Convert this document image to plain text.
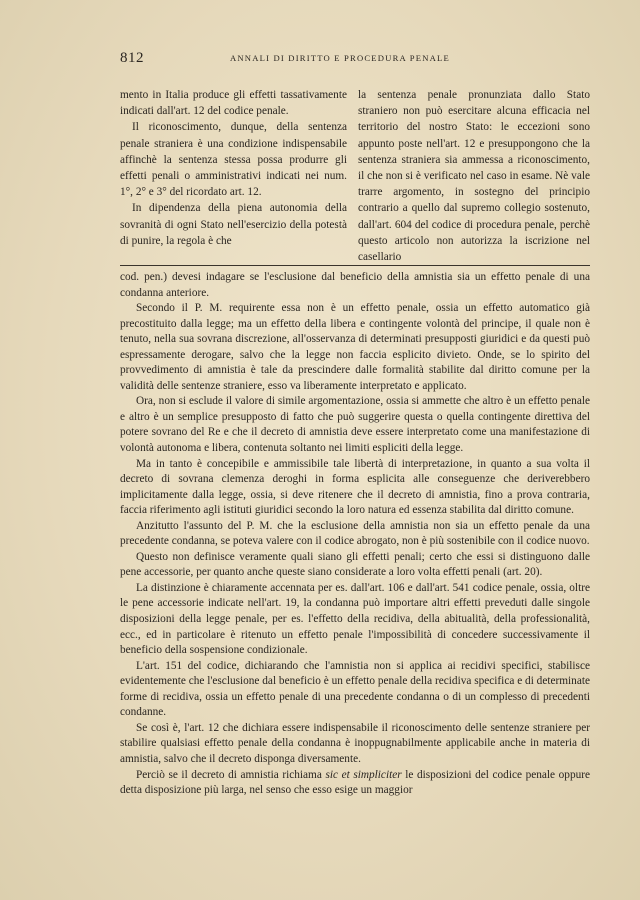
812	ANNALI DI DIRITTO E PROCEDURA PENALE

mento in Italia produce gli effetti tassativamente indicati dall'art. 12 del codice penale.

Il riconoscimento, dunque, della sentenza penale straniera è una condizione indispensabile affinchè la sentenza stessa possa produrre gli effetti penali o amministrativi indicati nei num. 1°, 2° e 3° del ricordato art. 12.

In dipendenza della piena autonomia della sovranità di ogni Stato nell'esercizio della potestà di punire, la regola è che

la sentenza penale pronunziata dallo Stato straniero non può esercitare alcuna efficacia nel territorio del nostro Stato: le eccezioni sono appunto poste nell'art. 12 e presuppongono che la sentenza straniera sia ammessa a riconoscimento, il che non si è verificato nel caso in esame. Nè vale trarre argomento, in sostegno del principio contrario a quello dal supremo collegio sostenuto, dall'art. 604 del codice di procedura penale, perchè questo articolo non autorizza la iscrizione nel casellario

cod. pen.) devesi indagare se l'esclusione dal beneficio della amnistia sia un effetto penale di una condanna anteriore.

Secondo il P. M. requirente essa non è un effetto penale, ossia un effetto automatico già precostituito dalla legge; ma un effetto della libera e contingente volontà del principe, il quale non è tenuto, nella sua sovrana discrezione, all'osservanza di determinati presupposti giuridici e da questi può espressamente derogare, salvo che la legge non faccia esplicito divieto. Onde, se lo spirito del provvedimento di amnistia è tale da prescindere dalle formalità stabilite dal diritto comune per la validità delle sentenze straniere, esso va liberamente interpretato e applicato.

Ora, non si esclude il valore di simile argomentazione, ossia si ammette che altro è un effetto penale e altro è un semplice presupposto di fatto che può suggerire questa o quella contingente direttiva del potere sovrano del Re e che il decreto di amnistia deve essere interpretato come una manifestazione di volontà autonoma e libera, contenuta soltanto nei limiti espliciti della legge.

Ma in tanto è concepibile e ammissibile tale libertà di interpretazione, in quanto a sua volta il decreto di sovrana clemenza deroghi in forma esplicita alle conseguenze che deriverebbero implicitamente dalla legge, ossia, si deve ritenere che il decreto di amnistia, fino a prova contraria, faccia riferimento agli istituti giuridici secondo la loro natura ed essenza stabilita dal diritto comune.

Anzitutto l'assunto del P. M. che la esclusione della amnistia non sia un effetto penale da una precedente condanna, se poteva valere con il codice abrogato, non è più sostenibile con il codice nuovo.

Questo non definisce veramente quali siano gli effetti penali; certo che essi si distinguono dalle pene accessorie, per quanto anche queste siano considerate a loro volta effetti penali (art. 20).

La distinzione è chiaramente accennata per es. dall'art. 106 e dall'art. 541 codice penale, ossia, oltre le pene accessorie indicate nell'art. 19, la condanna può importare altri effetti preveduti dalle singole disposizioni della legge penale, per es. l'effetto della recidiva, della abitualità, della professionalità, ecc., ed in particolare è ritenuto un effetto penale l'impossibilità di concedere successivamente il beneficio della sospensione condizionale.

L'art. 151 del codice, dichiarando che l'amnistia non si applica ai recidivi specifici, stabilisce evidentemente che l'esclusione dal beneficio è un effetto penale della recidiva specifica e di determinate forme di recidiva, ossia un effetto penale di una precedente condanna o di un complesso di precedenti condanne.

Se così è, l'art. 12 che dichiara essere indispensabile il riconoscimento delle sentenze straniere per stabilire qualsiasi effetto penale della condanna è inoppugnabilmente applicabile anche in materia di amnistia, salvo che il decreto disponga diversamente.

Perciò se il decreto di amnistia richiama sic et simpliciter le disposizioni del codice penale oppure detta disposizione più larga, nel senso che esso esige un maggior
